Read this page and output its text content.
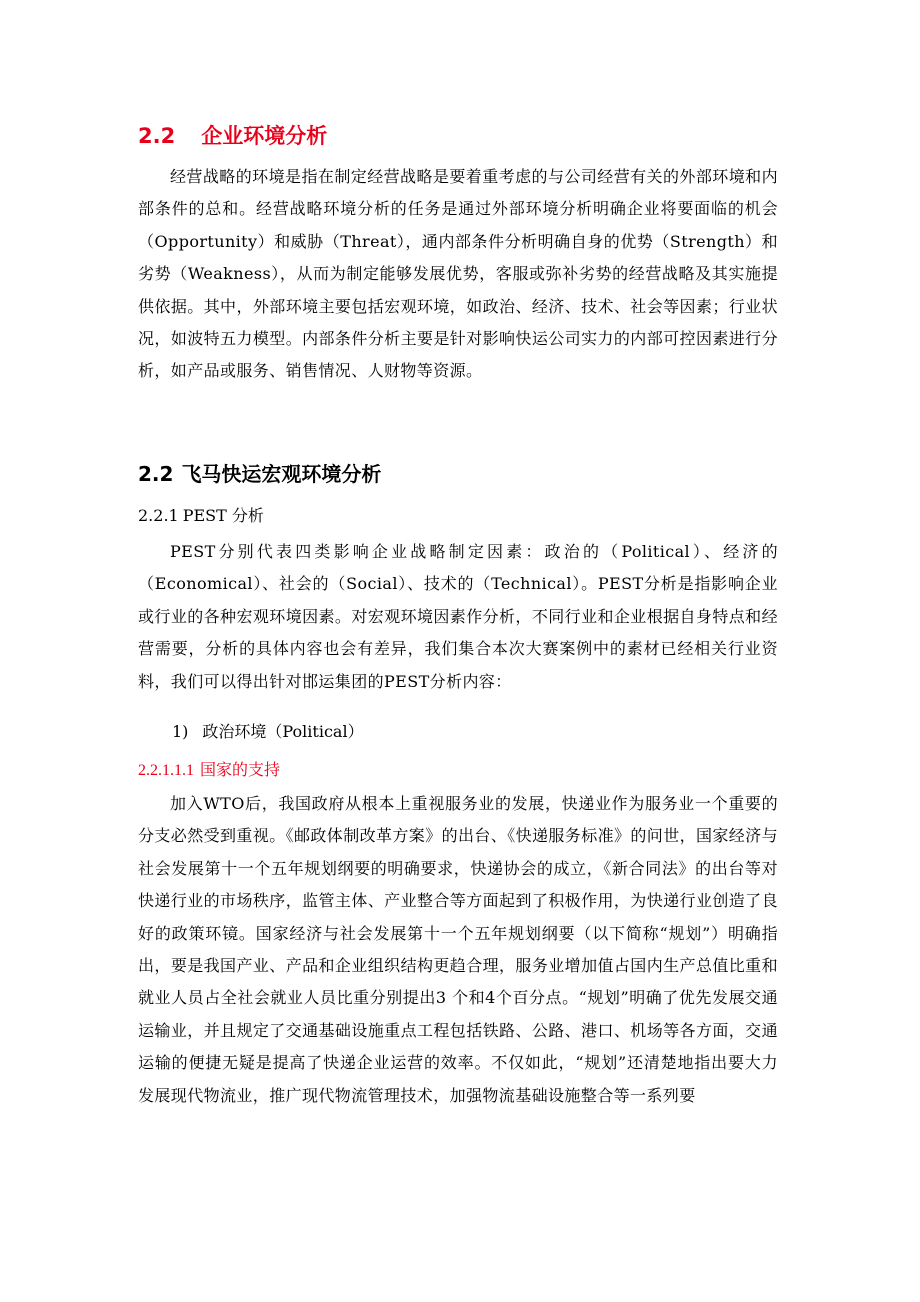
2.2 企业环境分析

经营战略的环境是指在制定经营战略是要着重考虑的与公司经营有关的外部环境和内部条件的总和。经营战略环境分析的任务是通过外部环境分析明确企业将要面临的机会（Opportunity）和威胁（Threat），通内部条件分析明确自身的优势（Strength）和劣势（Weakness），从而为制定能够发展优势，客服或弥补劣势的经营战略及其实施提供依据。其中，外部环境主要包括宏观环境，如政治、经济、技术、社会等因素；行业状况，如波特五力模型。内部条件分析主要是针对影响快运公司实力的内部可控因素进行分析，如产品或服务、销售情况、人财物等资源。

2.2 飞马快运宏观环境分析
2.2.1 PEST 分析

PEST分别代表四类影响企业战略制定因素：政治的（Political）、经济的（Economical）、社会的（Social）、技术的（Technical）。PEST分析是指影响企业或行业的各种宏观环境因素。对宏观环境因素作分析，不同行业和企业根据自身特点和经营需要，分析的具体内容也会有差异，我们集合本次大赛案例中的素材已经相关行业资料，我们可以得出针对邯运集团的PEST分析内容：

1) 政治环境（Political）
2.2.1.1.1 国家的支持

加入WTO后，我国政府从根本上重视服务业的发展，快递业作为服务业一个重要的分支必然受到重视。《邮政体制改革方案》的出台、《快递服务标准》的问世，国家经济与社会发展第十一个五年规划纲要的明确要求，快递协会的成立，《新合同法》的出台等对快递行业的市场秩序，监管主体、产业整合等方面起到了积极作用，为快递行业创造了良好的政策环镜。国家经济与社会发展第十一个五年规划纲要（以下简称“规划”）明确指出，要是我国产业、产品和企业组织结构更趋合理，服务业增加值占国内生产总值比重和就业人员占全社会就业人员比重分别提出3 个和4个百分点。“规划”明确了优先发展交通运输业，并且规定了交通基础设施重点工程包括铁路、公路、港口、机场等各方面，交通运输的便捷无疑是提高了快递企业运营的效率。不仅如此，“规划”还清楚地指出要大力发展现代物流业，推广现代物流管理技术，加强物流基础设施整合等一系列要
